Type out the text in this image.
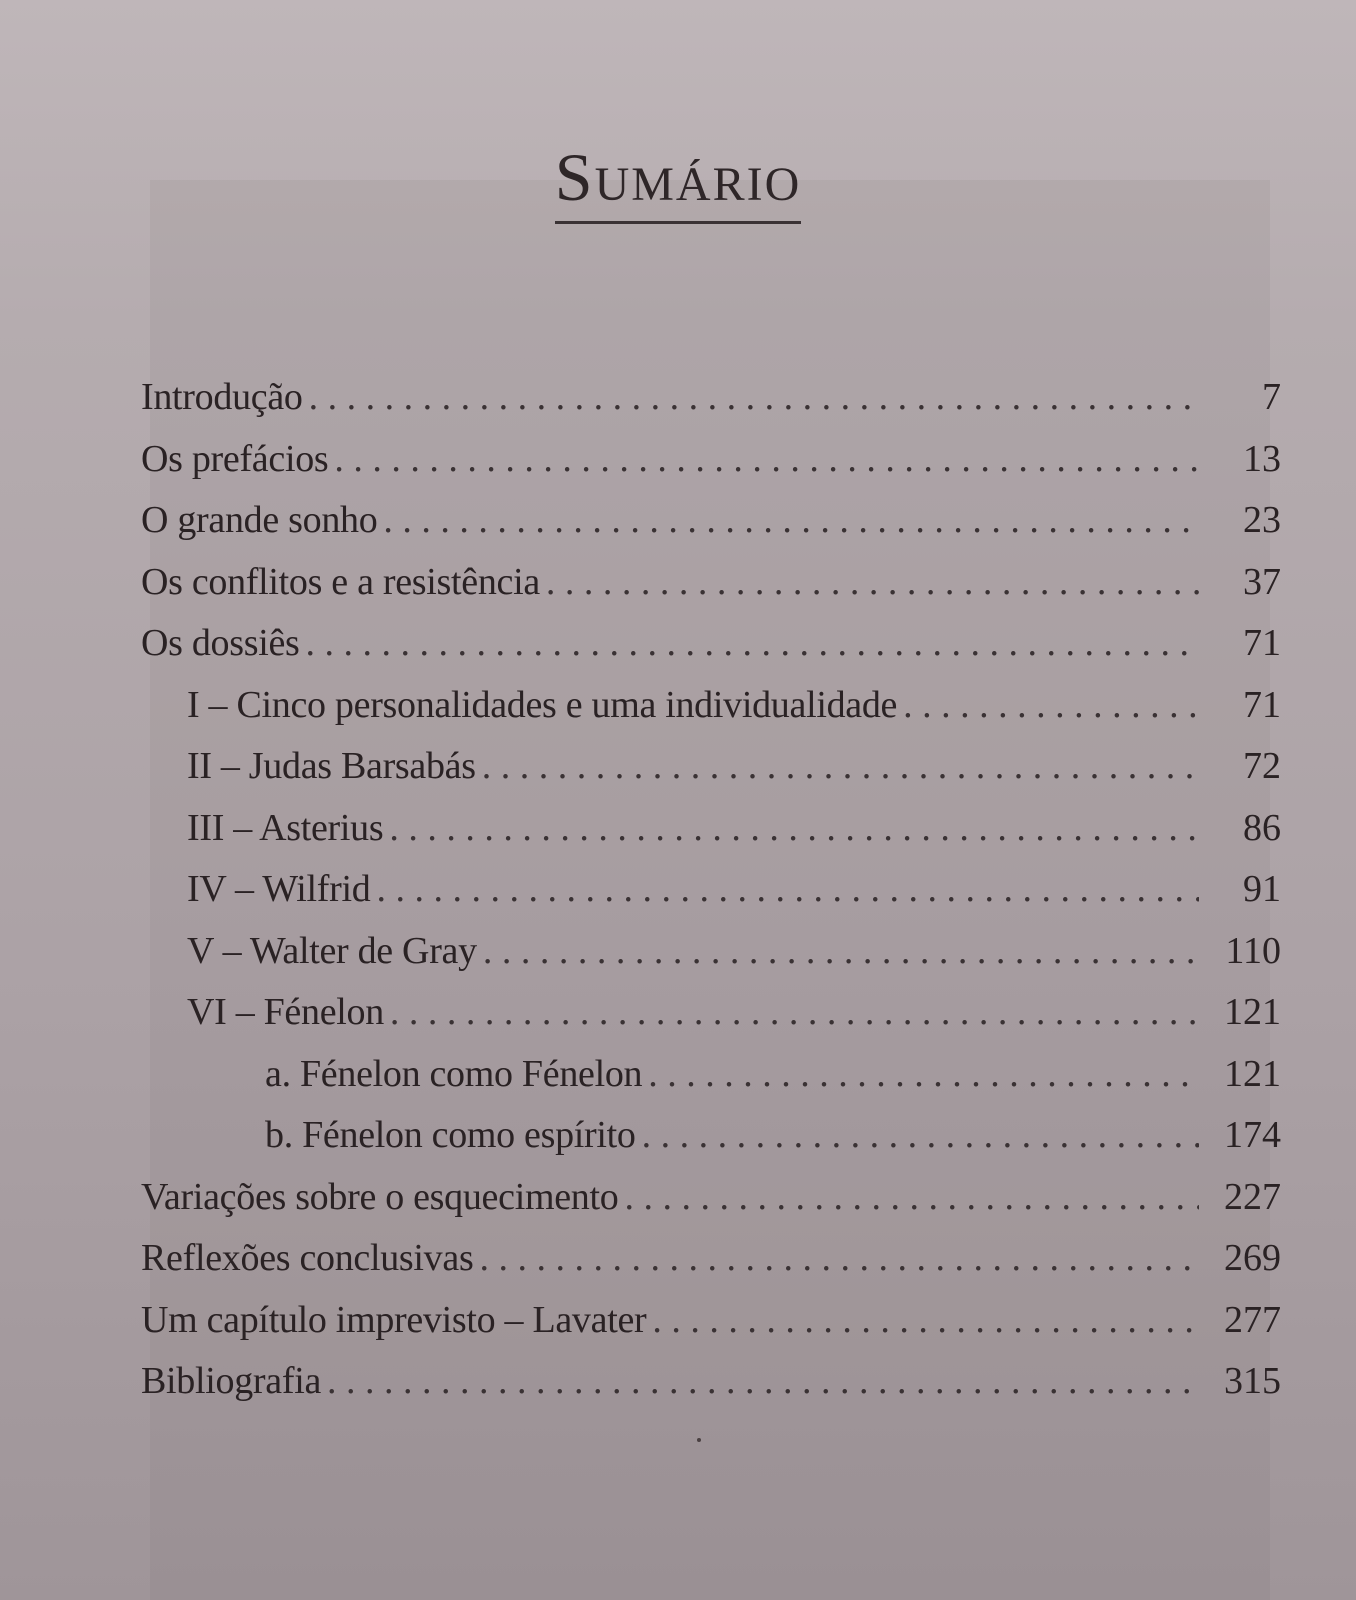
Sumário
Introdução . . .	7
Os prefácios . . .	13
O grande sonho . . .	23
Os conflitos e a resistência . . .	37
Os dossiês . . .	71
I – Cinco personalidades e uma individualidade . . .	71
II – Judas Barsabás . . .	72
III – Asterius . . .	86
IV – Wilfrid . . .	91
V – Walter de Gray . . .	110
VI – Fénelon . . .	121
a. Fénelon como Fénelon . . .	121
b. Fénelon como espírito . . .	174
Variações sobre o esquecimento . . .	227
Reflexões conclusivas . . .	269
Um capítulo imprevisto – Lavater . . .	277
Bibliografia . . .	315
